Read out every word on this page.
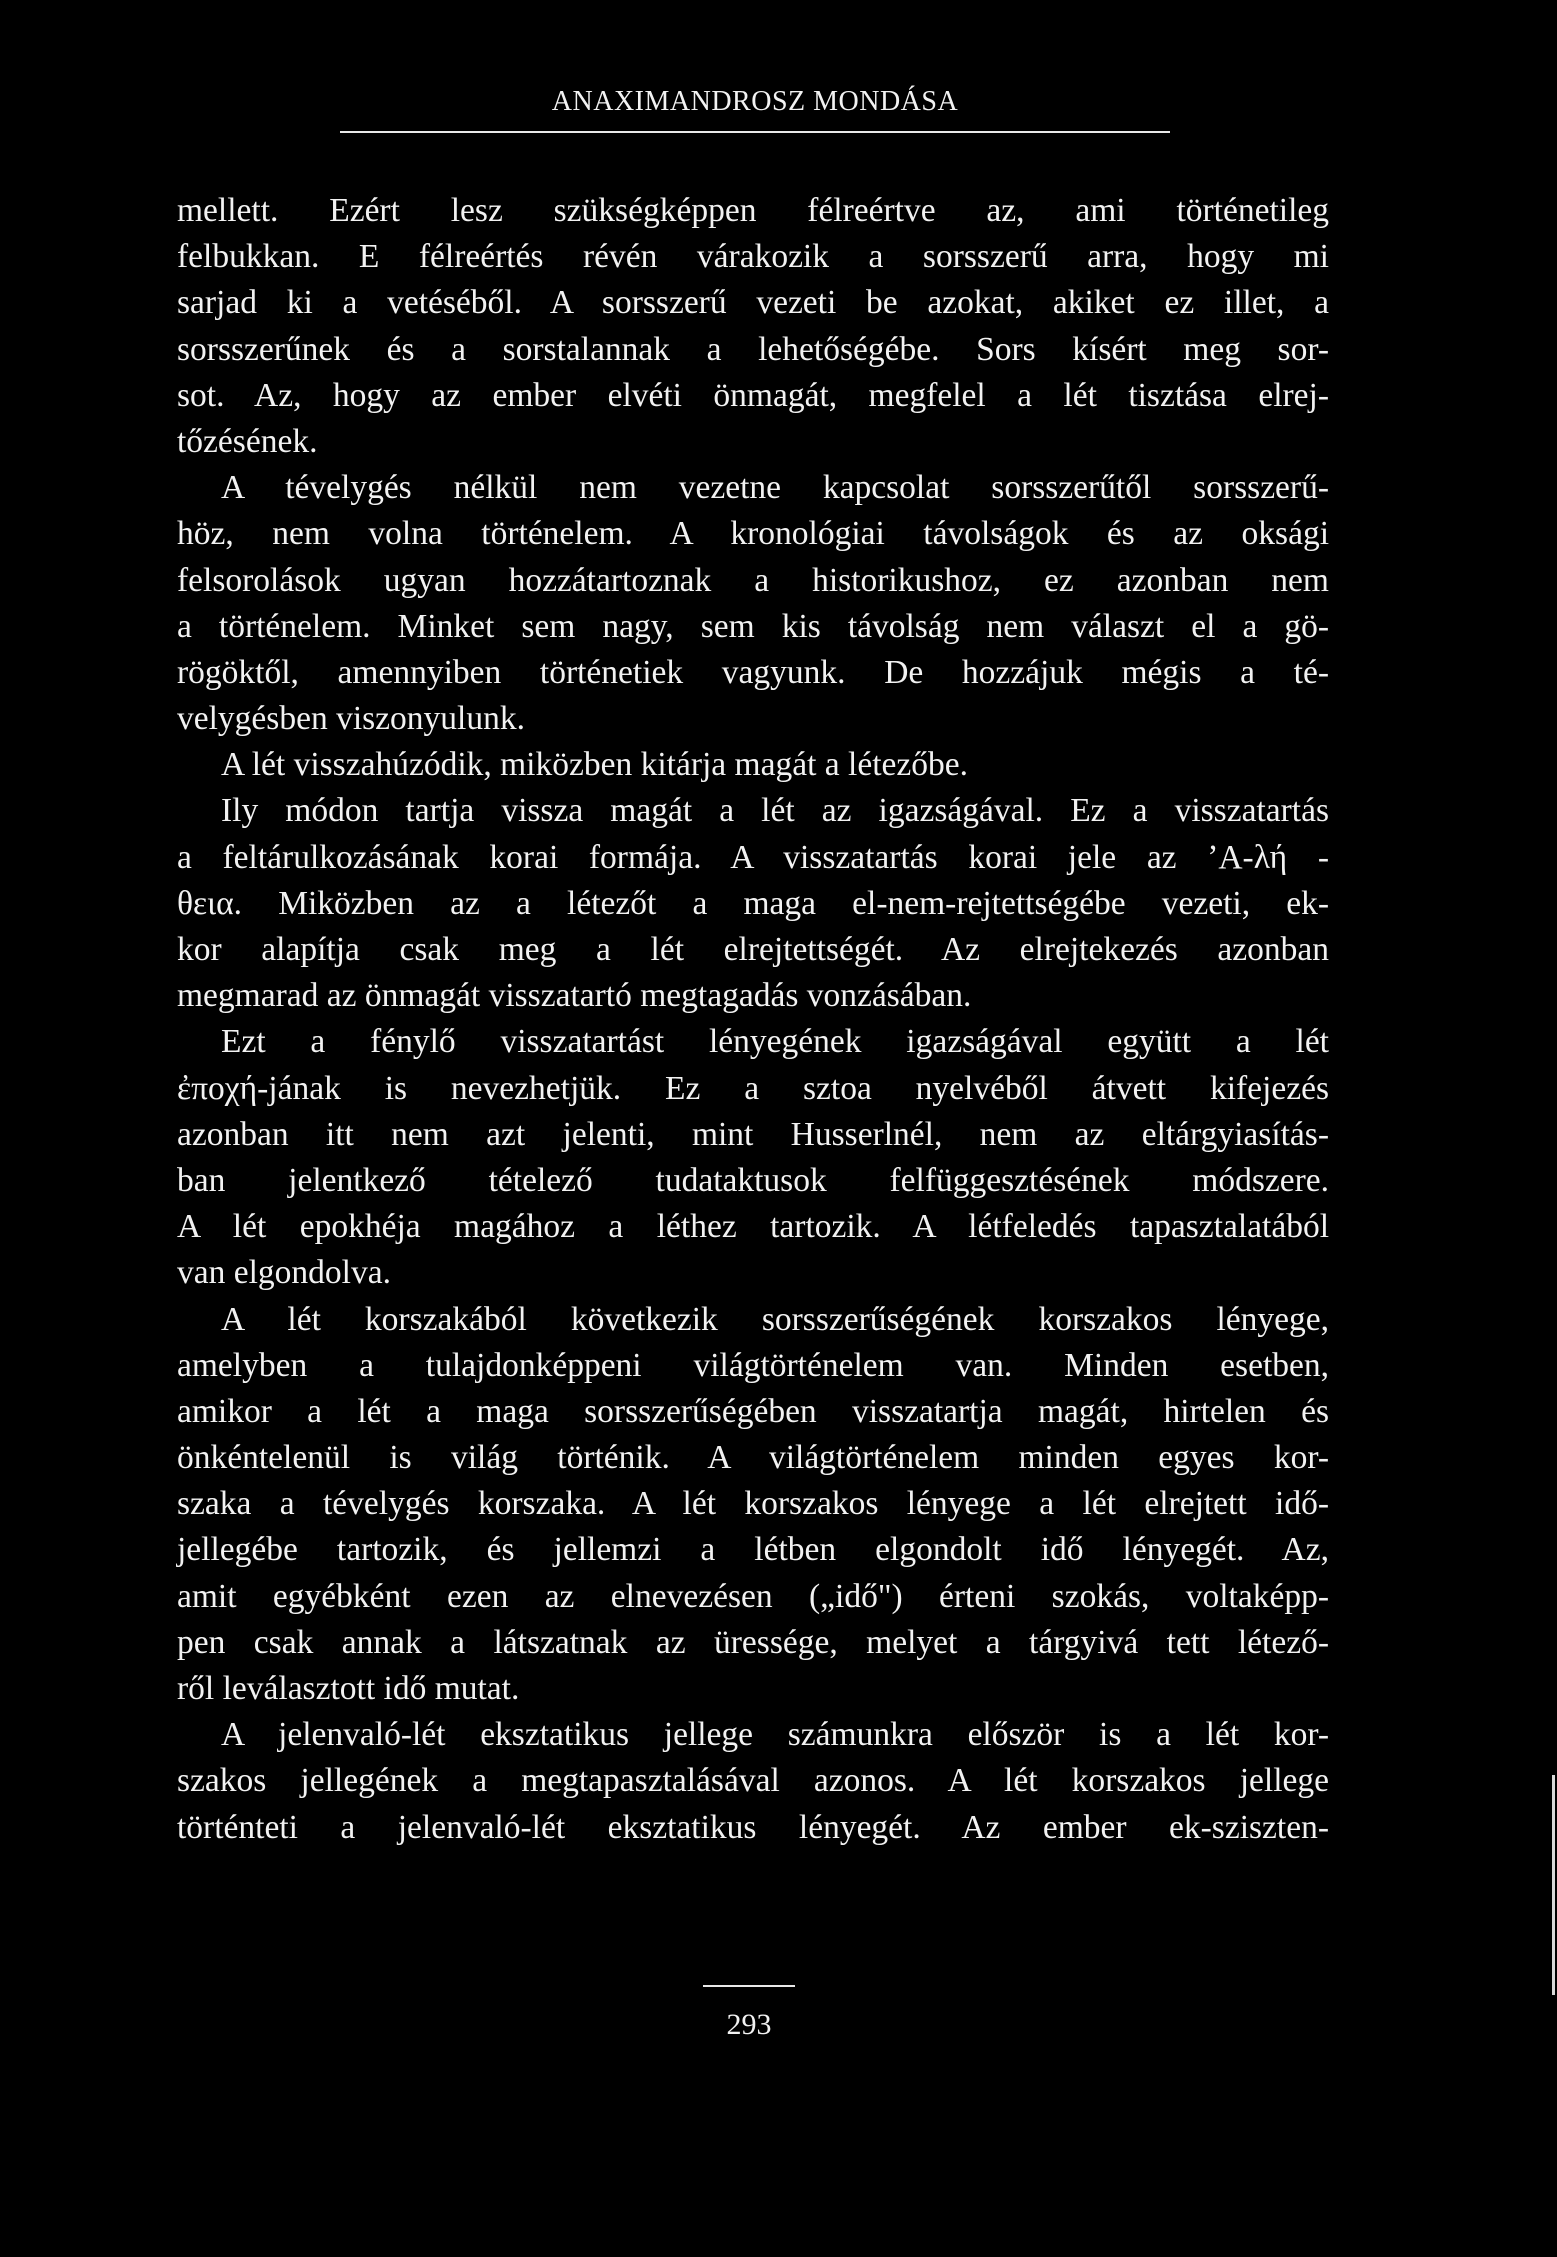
ANAXIMANDROSZ MONDÁSA
mellett. Ezért lesz szükségképpen félreértve az, ami történetileg
felbukkan. E félreértés révén várakozik a sorsszerű arra, hogy mi
sarjad ki a vetéséből. A sorsszerű vezeti be azokat, akiket ez illet, a
sorsszerűnek és a sorstalannak a lehetőségébe. Sors kísért meg sor-
sot. Az, hogy az ember elvéti önmagát, megfelel a lét tisztása elrej-
tőzésének.
A tévelygés nélkül nem vezetne kapcsolat sorsszerűtől sorsszerű-
höz, nem volna történelem. A kronológiai távolságok és az oksági
felsorolások ugyan hozzátartoznak a historikushoz, ez azonban nem
a történelem. Minket sem nagy, sem kis távolság nem választ el a gö-
rögöktől, amennyiben történetiek vagyunk. De hozzájuk mégis a té-
velygésben viszonyulunk.
A lét visszahúzódik, miközben kitárja magát a létezőbe.
Ily módon tartja vissza magát a lét az igazságával. Ez a visszatartás
a feltárulkozásának korai formája. A visszatartás korai jele az ʼΑ-λή -
θεια. Miközben az a létezőt a maga el-nem-rejtettségébe vezeti, ek-
kor alapítja csak meg a lét elrejtettségét. Az elrejtekezés azonban
megmarad az önmagát visszatartó megtagadás vonzásában.
Ezt a fénylő visszatartást lényegének igazságával együtt a lét
ἐποχή-jának is nevezhetjük. Ez a sztoa nyelvéből átvett kifejezés
azonban itt nem azt jelenti, mint Husserlnél, nem az eltárgyiasítás-
ban jelentkező tételező tudataktusok felfüggesztésének módszere.
A lét epokhéja magához a léthez tartozik. A létfeledés tapasztalatából
van elgondolva.
A lét korszakából következik sorsszerűségének korszakos lényege,
amelyben a tulajdonképpeni világtörténelem van. Minden esetben,
amikor a lét a maga sorsszerűségében visszatartja magát, hirtelen és
önkéntelenül is világ történik. A világtörténelem minden egyes kor-
szaka a tévelygés korszaka. A lét korszakos lényege a lét elrejtett idő-
jellegébe tartozik, és jellemzi a létben elgondolt idő lényegét. Az,
amit egyébként ezen az elnevezésen („idő") érteni szokás, voltaképp-
pen csak annak a látszatnak az üressége, melyet a tárgyivá tett létező-
ről leválasztott idő mutat.
A jelenvaló-lét eksztatikus jellege számunkra először is a lét kor-
szakos jellegének a megtapasztalásával azonos. A lét korszakos jellege
történteti a jelenvaló-lét eksztatikus lényegét. Az ember ek-sziszten-
293
